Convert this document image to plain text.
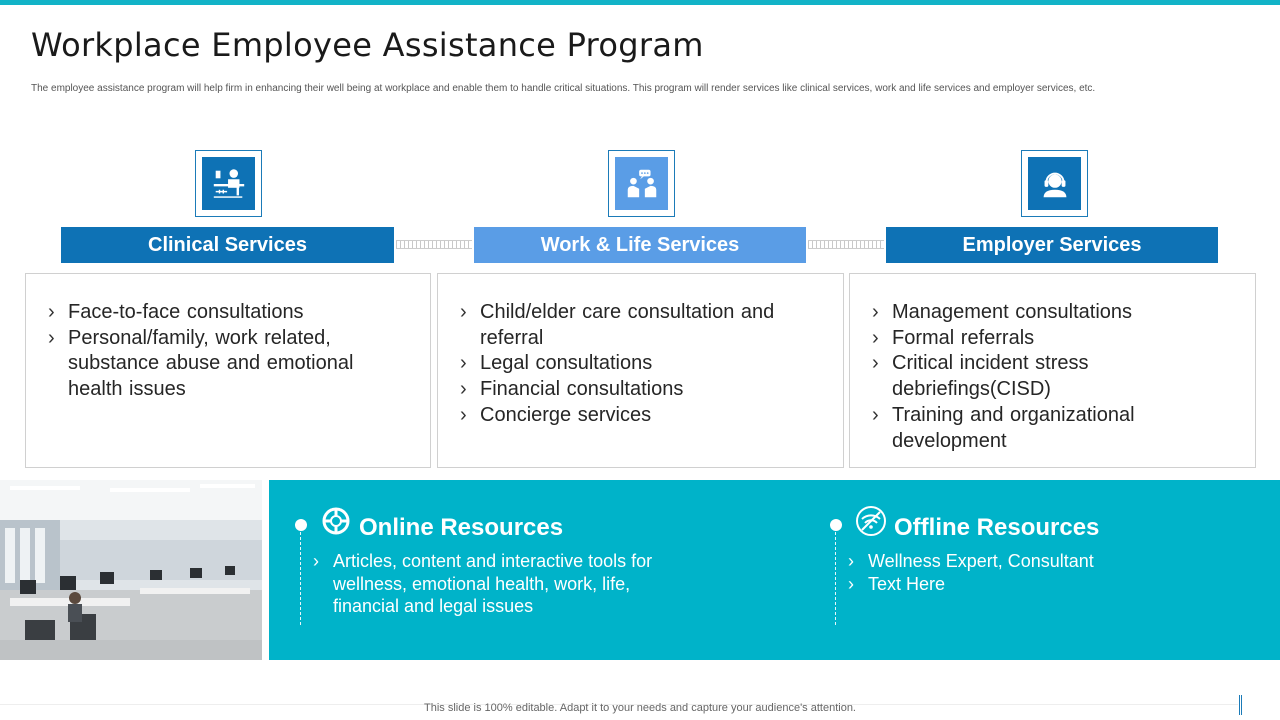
Workplace Employee Assistance Program

The employee assistance program will help firm in enhancing their well being at workplace and enable them to handle critical situations. This program will render services like clinical services, work and life services and employer services, etc.

Clinical Services	Work & Life Services	Employer Services
› Face-to-face consultations
› Personal/family, work related, substance abuse and emotional health issues
› Child/elder care consultation and referral
› Legal consultations
› Financial consultations
› Concierge services
› Management consultations
› Formal referrals
› Critical incident stress debriefings(CISD)
› Training and organizational development
Online Resources
› Articles, content and interactive tools for wellness, emotional health, work, life, financial and legal issues
Offline Resources
› Wellness Expert, Consultant
› Text Here
This slide is 100% editable. Adapt it to your needs and capture your audience's attention.
